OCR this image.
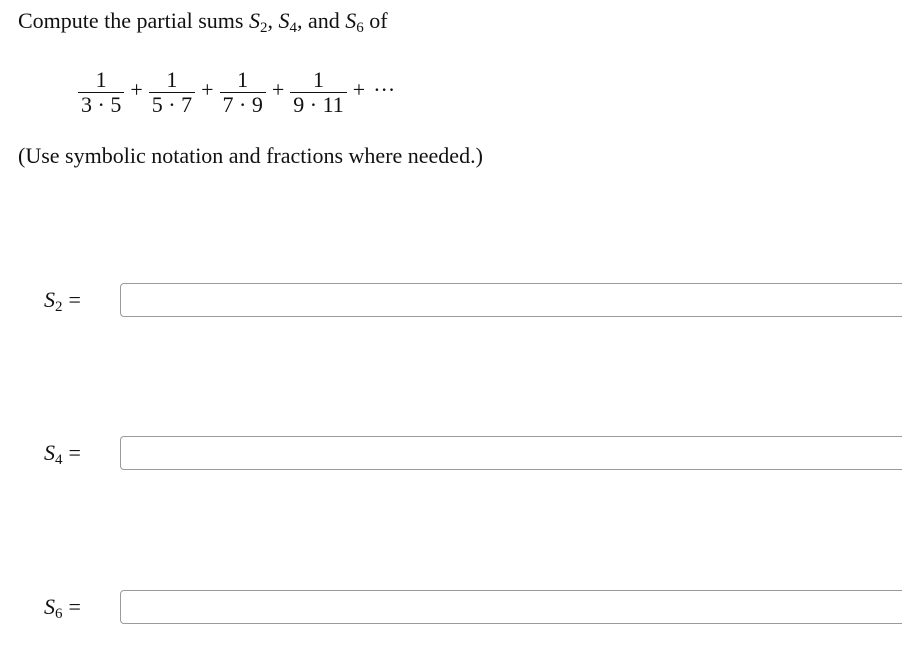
Compute the partial sums $S_2$, $S_4$, and $S_6$ of
$\frac{1}{3 \cdot 5} + \frac{1}{5 \cdot 7} + \frac{1}{7 \cdot 9} + \frac{1}{9 \cdot 11}$ + ···
(Use symbolic notation and fractions where needed.)
$S_2$ =
$S_4$ =
$S_6$ =
